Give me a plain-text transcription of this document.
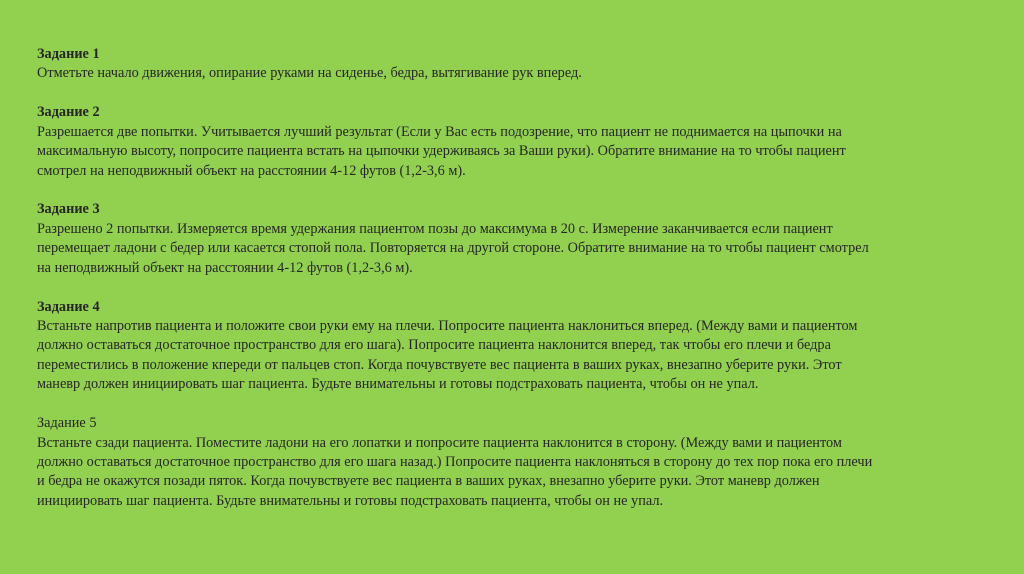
Задание 1
Отметьте начало движения, опирание руками на сиденье, бедра, вытягивание рук вперед.
Задание 2
Разрешается две попытки. Учитывается лучший результат (Если у Вас есть подозрение, что пациент не поднимается на цыпочки на
максимальную высоту, попросите пациента встать на цыпочки удерживаясь за Ваши руки). Обратите внимание на то чтобы пациент
смотрел на неподвижный объект на расстоянии 4-12 футов (1,2-3,6 м).
Задание 3
Разрешено 2 попытки. Измеряется время удержания пациентом позы до максимума в 20 с. Измерение заканчивается если пациент
перемещает ладони с бедер или касается стопой пола. Повторяется на другой стороне. Обратите внимание на то чтобы пациент смотрел
на неподвижный объект на расстоянии 4-12 футов (1,2-3,6 м).
Задание 4
Встаньте напротив пациента и положите свои руки ему на плечи. Попросите пациента наклониться вперед. (Между вами и пациентом
должно оставаться достаточное пространство для его шага). Попросите пациента наклонится вперед, так чтобы его плечи и бедра
переместились в положение кпереди от пальцев стоп. Когда почувствуете вес пациента в ваших руках, внезапно уберите руки. Этот
маневр должен инициировать шаг пациента. Будьте внимательны и готовы подстраховать пациента, чтобы он не упал.
Задание 5
Встаньте сзади пациента. Поместите ладони на его лопатки и попросите пациента наклонится в сторону. (Между вами и пациентом
должно оставаться достаточное пространство для его шага назад.) Попросите пациента наклоняться в сторону до тех пор пока его плечи
и бедра не окажутся позади пяток. Когда почувствуете вес пациента в ваших руках, внезапно уберите руки. Этот маневр должен
инициировать шаг пациента. Будьте внимательны и готовы подстраховать пациента, чтобы он не упал.
